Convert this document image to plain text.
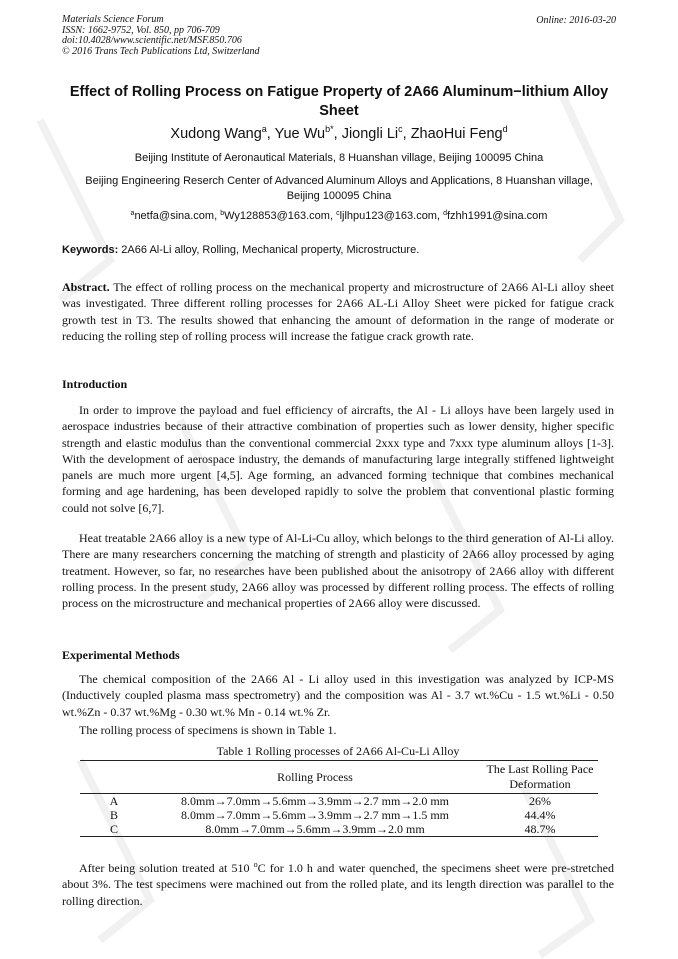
Materials Science Forum
ISSN: 1662-9752, Vol. 850, pp 706-709
doi:10.4028/www.scientific.net/MSF.850.706
© 2016 Trans Tech Publications Ltd, Switzerland
Online: 2016-03-20
Effect of Rolling Process on Fatigue Property of 2A66 Aluminum−lithium Alloy Sheet
Xudong Wang$^a$, Yue $Wu^{b*}$, Jiongli Li$^c$, ZhaoHui Feng$^d$
Beijing Institute of Aeronautical Materials, 8 Huanshan village, Beijing 100095 China
Beijing Engineering Reserch Center of Advanced Aluminum Alloys and Applications, 8 Huanshan village, Beijing 100095 China
$^a$netfa@sina.com, $^b$Wy128853@163.com, $^c$ljlhpu123@163.com, $^d$fzhh1991@sina.com
Keywords: 2A66 Al-Li alloy, Rolling, Mechanical property, Microstructure.
Abstract. The effect of rolling process on the mechanical property and microstructure of 2A66 Al-Li alloy sheet was investigated. Three different rolling processes for 2A66 AL-Li Alloy Sheet were picked for fatigue crack growth test in T3. The results showed that enhancing the amount of deformation in the range of moderate or reducing the rolling step of rolling process will increase the fatigue crack growth rate.
Introduction
In order to improve the payload and fuel efficiency of aircrafts, the Al - Li alloys have been largely used in aerospace industries because of their attractive combination of properties such as lower density, higher specific strength and elastic modulus than the conventional commercial 2xxx type and 7xxx type aluminum alloys [1-3]. With the development of aerospace industry, the demands of manufacturing large integrally stiffened lightweight panels are much more urgent [4,5]. Age forming, an advanced forming technique that combines mechanical forming and age hardening, has been developed rapidly to solve the problem that conventional plastic forming could not solve [6,7].
Heat treatable 2A66 alloy is a new type of Al-Li-Cu alloy, which belongs to the third generation of Al-Li alloy. There are many researchers concerning the matching of strength and plasticity of 2A66 alloy processed by aging treatment. However, so far, no researches have been published about the anisotropy of 2A66 alloy with different rolling process. In the present study, 2A66 alloy was processed by different rolling process. The effects of rolling process on the microstructure and mechanical properties of 2A66 alloy were discussed.
Experimental Methods
The chemical composition of the 2A66 Al - Li alloy used in this investigation was analyzed by ICP-MS (Inductively coupled plasma mass spectrometry) and the composition was Al - 3.7 wt.%Cu - 1.5 wt.%Li - 0.50 wt.%Zn - 0.37 wt.%Mg - 0.30 wt.% Mn - 0.14 wt.% Zr.
The rolling process of specimens is shown in Table 1.
Table 1 Rolling processes of 2A66 Al-Cu-Li Alloy
	Rolling Process	The Last Rolling Pace Deformation
A	8.0mm→7.0mm→5.6mm→3.9mm→2.7 mm→2.0 mm	26%
B	8.0mm→7.0mm→5.6mm→3.9mm→2.7 mm→1.5 mm	44.4%
C	8.0mm→7.0mm→5.6mm→3.9mm→2.0 mm	48.7%
After being solution treated at 510 $^o$C for 1.0 h and water quenched, the specimens sheet were pre-stretched about 3%. The test specimens were machined out from the rolled plate, and its length direction was parallel to the rolling direction.
